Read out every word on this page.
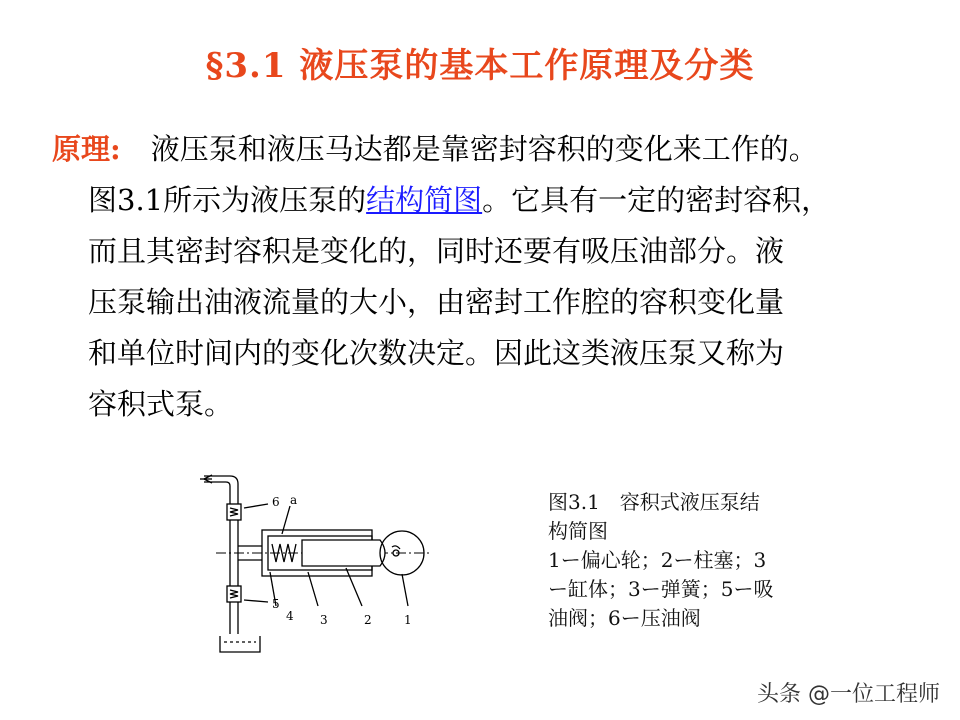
§3.1 液压泵的基本工作原理及分类
原理: 液压泵和液压马达都是靠密封容积的变化来工作的。
图3.1所示为液压泵的结构简图。它具有一定的密封容积，
而且其密封容积是变化的，同时还要有吸压油部分。液
压泵输出油液流量的大小，由密封工作腔的容积变化量
和单位时间内的变化次数决定。因此这类液压泵又称为
容积式泵。
a
6
5
4 3	2	1
图3.1　容积式液压泵结
构简图
1ー偏心轮；2ー柱塞；3
ー缸体；3ー弹簧；5ー吸
油阀；6ー压油阀
头条 @一位工程师
